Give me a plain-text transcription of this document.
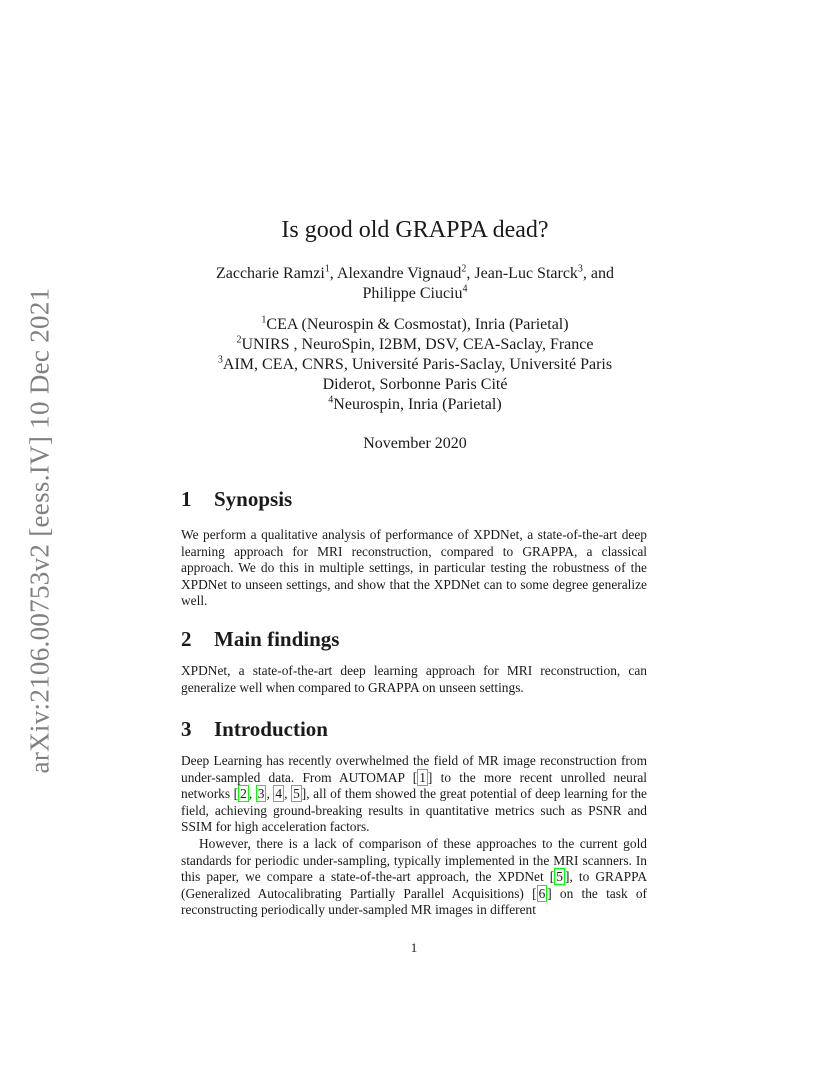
arXiv:2106.00753v2 [eess.IV] 10 Dec 2021
Is good old GRAPPA dead?
Zaccharie Ramzi$^1$, Alexandre Vignaud$^2$, Jean-Luc Starck$^3$, and
Philippe Ciuciu$^4$
$^1$CEA (Neurospin & Cosmostat), Inria (Parietal)
$^2$UNIRS , NeuroSpin, I2BM, DSV, CEA-Saclay, France
$^3$AIM, CEA, CNRS, Université Paris-Saclay, Université Paris
Diderot, Sorbonne Paris Cité
$^4$Neurospin, Inria (Parietal)
November 2020
1 Synopsis

We perform a qualitative analysis of performance of XPDNet, a state-of-the-art deep learning approach for MRI reconstruction, compared to GRAPPA, a classical approach. We do this in multiple settings, in particular testing the robustness of the XPDNet to unseen settings, and show that the XPDNet can to some degree generalize well.

2 Main findings

XPDNet, a state-of-the-art deep learning approach for MRI reconstruction, can generalize well when compared to GRAPPA on unseen settings.

3 Introduction

Deep Learning has recently overwhelmed the field of MR image reconstruction from under-sampled data. From AUTOMAP [ 1 ] to the more recent unrolled neural networks [ 2 , 3 , 4 , 5 ], all of them showed the great potential of deep learning for the field, achieving ground-breaking results in quantitative metrics such as PSNR and SSIM for high acceleration factors.

However, there is a lack of comparison of these approaches to the current gold standards for periodic under-sampling, typically implemented in the MRI scanners. In this paper, we compare a state-of-the-art approach, the XPDNet [ 5 ], to GRAPPA (Generalized Autocalibrating Partially Parallel Acquisitions) [ 6 ] on the task of reconstructing periodically under-sampled MR images in different

1
